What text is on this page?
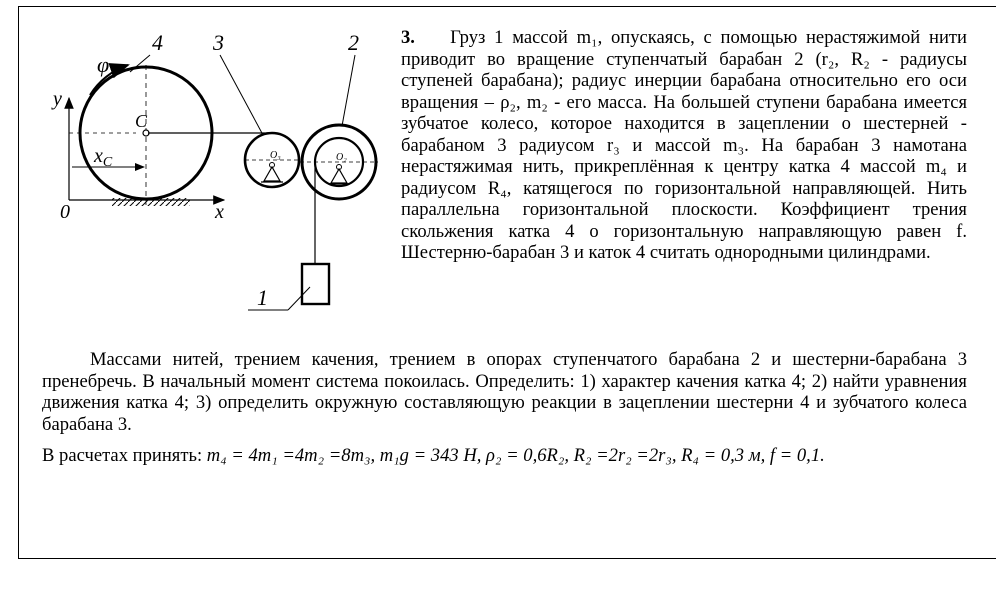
y
x
0
C
$x_C$
φ
4
O₃
3
O₂
2
1

3. Груз 1 массой m₁, опускаясь, с помощью нерастяжимой нити приводит во вращение ступенчатый барабан 2 (r₂, R₂ - радиусы ступеней барабана); радиус инерции барабана относительно его оси вращения – ρ₂, m₂ - его масса. На большей ступени барабана имеется зубчатое колесо, которое находится в зацеплении о шестерней - барабаном 3 радиусом r₃ и массой m₃. На барабан 3 намотана нерастяжимая нить, прикреплённая к центру катка 4 массой m₄ и радиусом R₄, катящегося по горизонтальной направляющей. Нить параллельна горизонтальной плоскости. Коэффициент трения скольжения катка 4 о горизонтальную направляющую равен f. Шестерню-барабан 3 и каток 4 считать однородными цилиндрами.

Массами нитей, трением качения, трением в опорах ступенчатого барабана 2 и шестерни-барабана 3 пренебречь. В начальный момент система покоилась. Определить: 1) характер качения катка 4; 2) найти уравнения движения катка 4; 3) определить окружную составляющую реакции в зацеплении шестерни 4 и зубчатого колеса барабана 3.

В расчетах принять: m₄ = 4m₁ =4m₂ =8m₃, m₁g = 343 Н, ρ₂ = 0,6R₂, R₂ =2r₂ =2r₃, R₄ = 0,3 м, f = 0,1.
